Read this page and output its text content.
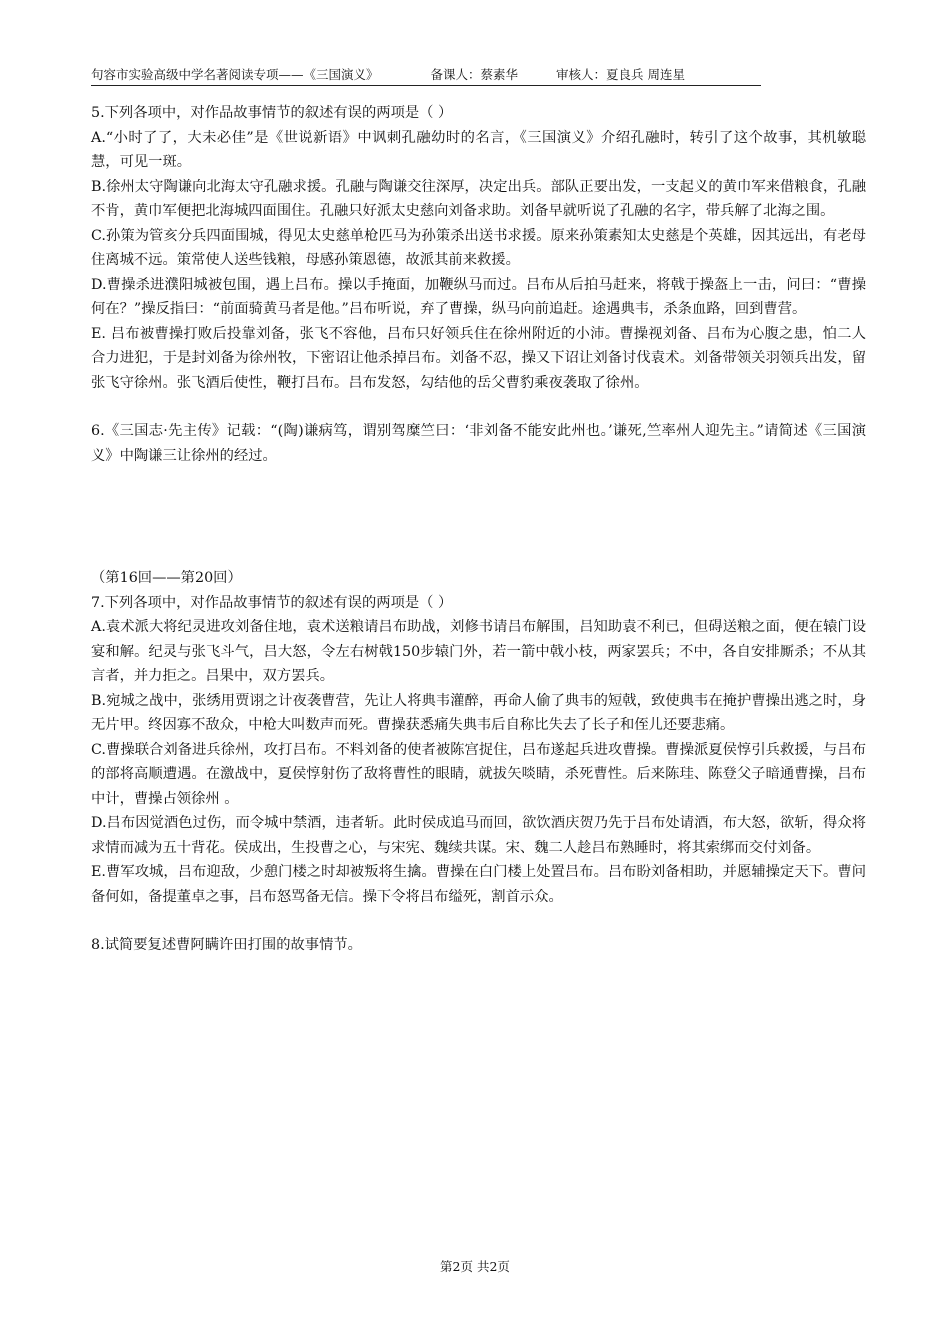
句容市实验高级中学名著阅读专项——《三国演义》	备课人：蔡素华	审核人：夏良兵 周连星

5.下列各项中，对作品故事情节的叙述有误的两项是（ ）

A.“小时了了，大未必佳”是《世说新语》中讽刺孔融幼时的名言，《三国演义》介绍孔融时，转引了这个故事，其机敏聪慧，可见一斑。

B.徐州太守陶谦向北海太守孔融求援。孔融与陶谦交往深厚，决定出兵。部队正要出发，一支起义的黄巾军来借粮食，孔融不肯，黄巾军便把北海城四面围住。孔融只好派太史慈向刘备求助。刘备早就听说了孔融的名字，带兵解了北海之围。

C.孙策为管亥分兵四面围城，得见太史慈单枪匹马为孙策杀出送书求援。原来孙策素知太史慈是个英雄，因其远出，有老母住离城不远。策常使人送些钱粮，母感孙策恩德，故派其前来救援。

D.曹操杀进濮阳城被包围，遇上吕布。操以手掩面，加鞭纵马而过。吕布从后拍马赶来，将戟于操盔上一击，问曰：“曹操何在？”操反指曰：“前面骑黄马者是他。”吕布听说，弃了曹操，纵马向前追赶。途遇典韦，杀条血路，回到曹营。

E. 吕布被曹操打败后投靠刘备，张飞不容他，吕布只好领兵住在徐州附近的小沛。曹操视刘备、吕布为心腹之患，怕二人合力进犯，于是封刘备为徐州牧，下密诏让他杀掉吕布。刘备不忍，操又下诏让刘备讨伐袁术。刘备带领关羽领兵出发，留张飞守徐州。张飞酒后使性，鞭打吕布。吕布发怒，勾结他的岳父曹豹乘夜袭取了徐州。

6.《三国志·先主传》记载：“(陶)谦病笃，谓别驾糜竺曰：‘非刘备不能安此州也。’谦死,竺率州人迎先主。”请简述《三国演义》中陶谦三让徐州的经过。

（第16回——第20回）

7.下列各项中，对作品故事情节的叙述有误的两项是（ ）

A.袁术派大将纪灵进攻刘备住地，袁术送粮请吕布助战，刘修书请吕布解围，吕知助袁不利已，但碍送粮之面，便在辕门设宴和解。纪灵与张飞斗气，吕大怒，令左右树戟150步辕门外，若一箭中戟小枝，两家罢兵；不中，各自安排厮杀；不从其言者，并力拒之。吕果中，双方罢兵。

B.宛城之战中，张绣用贾诩之计夜袭曹营，先让人将典韦灌醉，再命人偷了典韦的短戟，致使典韦在掩护曹操出逃之时，身无片甲。终因寡不敌众，中枪大叫数声而死。曹操获悉痛失典韦后自称比失去了长子和侄儿还要悲痛。

C.曹操联合刘备进兵徐州，攻打吕布。不料刘备的使者被陈宫捉住，吕布遂起兵进攻曹操。曹操派夏侯惇引兵救援，与吕布的部将高顺遭遇。在激战中，夏侯惇射伤了敌将曹性的眼睛，就拔矢啖睛，杀死曹性。后来陈珪、陈登父子暗通曹操，吕布中计，曹操占领徐州 。

D.吕布因觉酒色过伤，而令城中禁酒，违者斩。此时侯成追马而回，欲饮酒庆贺乃先于吕布处请酒，布大怒，欲斩，得众将求情而减为五十背花。侯成出，生投曹之心，与宋宪、魏续共谋。宋、魏二人趁吕布熟睡时，将其索绑而交付刘备。

E.曹军攻城，吕布迎敌，少憩门楼之时却被叛将生擒。曹操在白门楼上处置吕布。吕布盼刘备相助，并愿辅操定天下。曹问备何如，备提董卓之事，吕布怒骂备无信。操下令将吕布缢死，割首示众。

8.试简要复述曹阿瞒许田打围的故事情节。

第2页 共2页
